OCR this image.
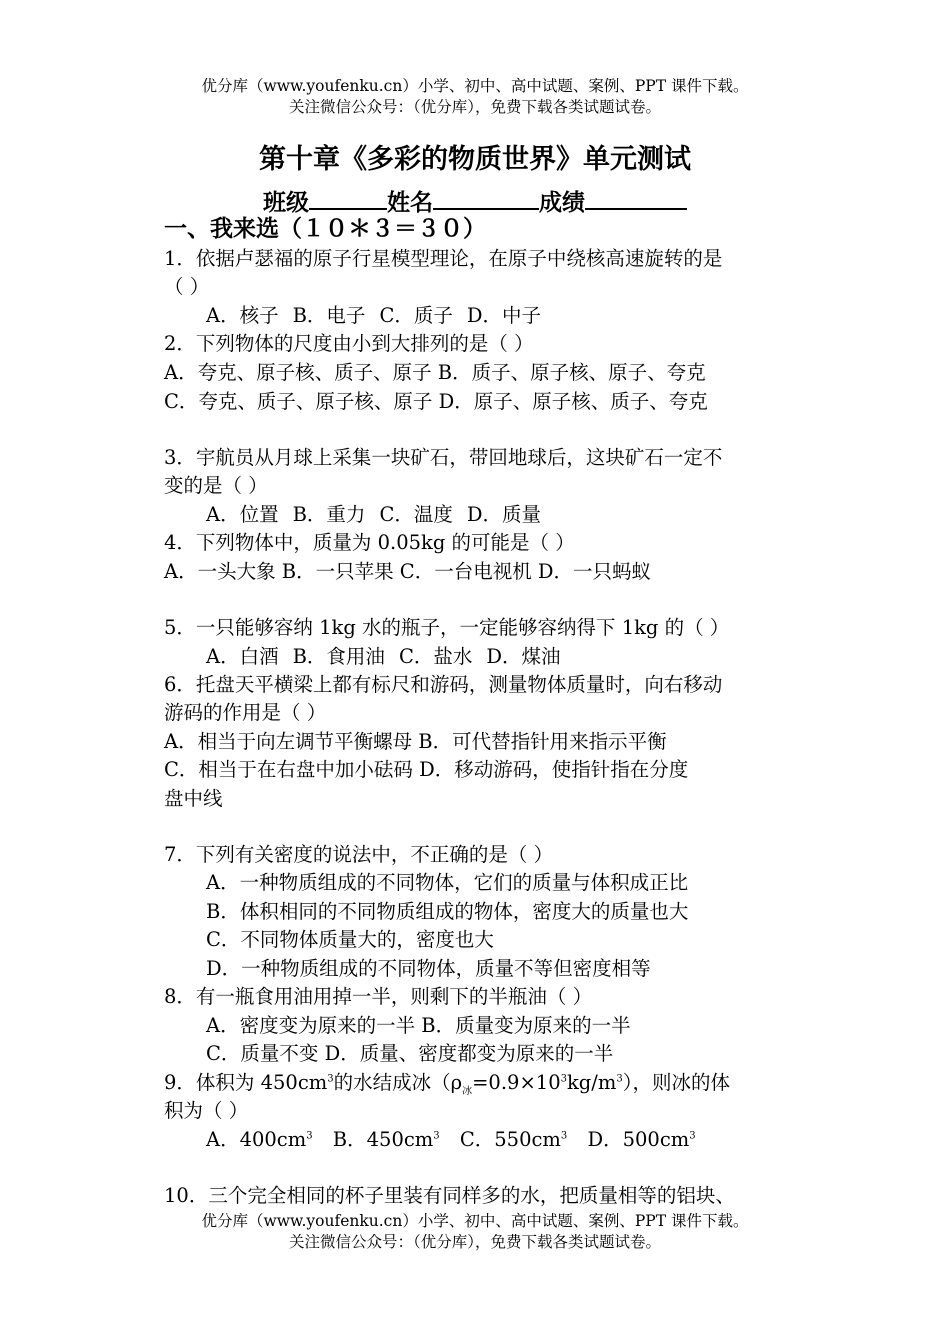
优分库（www.youfenku.cn）小学、初中、高中试题、案例、PPT 课件下载。
关注微信公众号：（优分库），免费下载各类试题试卷。
第十章《多彩的物质世界》单元测试
班级	姓名	成绩
一、我来选（１０＊３＝３０）
1．依据卢瑟福的原子行星模型理论，在原子中绕核高速旋转的是
（ ）
A．核子 B．电子 C．质子 D．中子
2．下列物体的尺度由小到大排列的是（ ）
A．夸克、原子核、质子、原子 B．质子、原子核、原子、夸克
C．夸克、质子、原子核、原子 D．原子、原子核、质子、夸克
3．宇航员从月球上采集一块矿石，带回地球后，这块矿石一定不
变的是（ ）
A．位置 B．重力 C．温度 D．质量
4．下列物体中，质量为 0.05kg 的可能是（ ）
A．一头大象 B．一只苹果 C．一台电视机 D．一只蚂蚁
5．一只能够容纳 1kg 水的瓶子，一定能够容纳得下 1kg 的（ ）
A．白酒 B．食用油 C．盐水 D．煤油
6．托盘天平横梁上都有标尺和游码，测量物体质量时，向右移动
游码的作用是（ ）
A．相当于向左调节平衡螺母 B．可代替指针用来指示平衡
C．相当于在右盘中加小砝码 D．移动游码，使指针指在分度
盘中线
7．下列有关密度的说法中，不正确的是（ ）
A．一种物质组成的不同物体，它们的质量与体积成正比
B．体积相同的不同物质组成的物体，密度大的质量也大
C．不同物体质量大的，密度也大
D．一种物质组成的不同物体，质量不等但密度相等
8．有一瓶食用油用掉一半，则剩下的半瓶油（ ）
A．密度变为原来的一半 B．质量变为原来的一半
C．质量不变 D．质量、密度都变为原来的一半
9．体积为 $450cm^3$的水结成冰$(\rho_冰=0.9\times 10^3kg/m^3)$，则冰的体
积为（ ）
A．$400cm^3$ B．$450cm^3$ C．$550cm^3$ D．$500cm^3$
10．三个完全相同的杯子里装有同样多的水，把质量相等的铝块、
优分库（www.youfenku.cn）小学、初中、高中试题、案例、PPT 课件下载。
关注微信公众号：（优分库），免费下载各类试题试卷。
